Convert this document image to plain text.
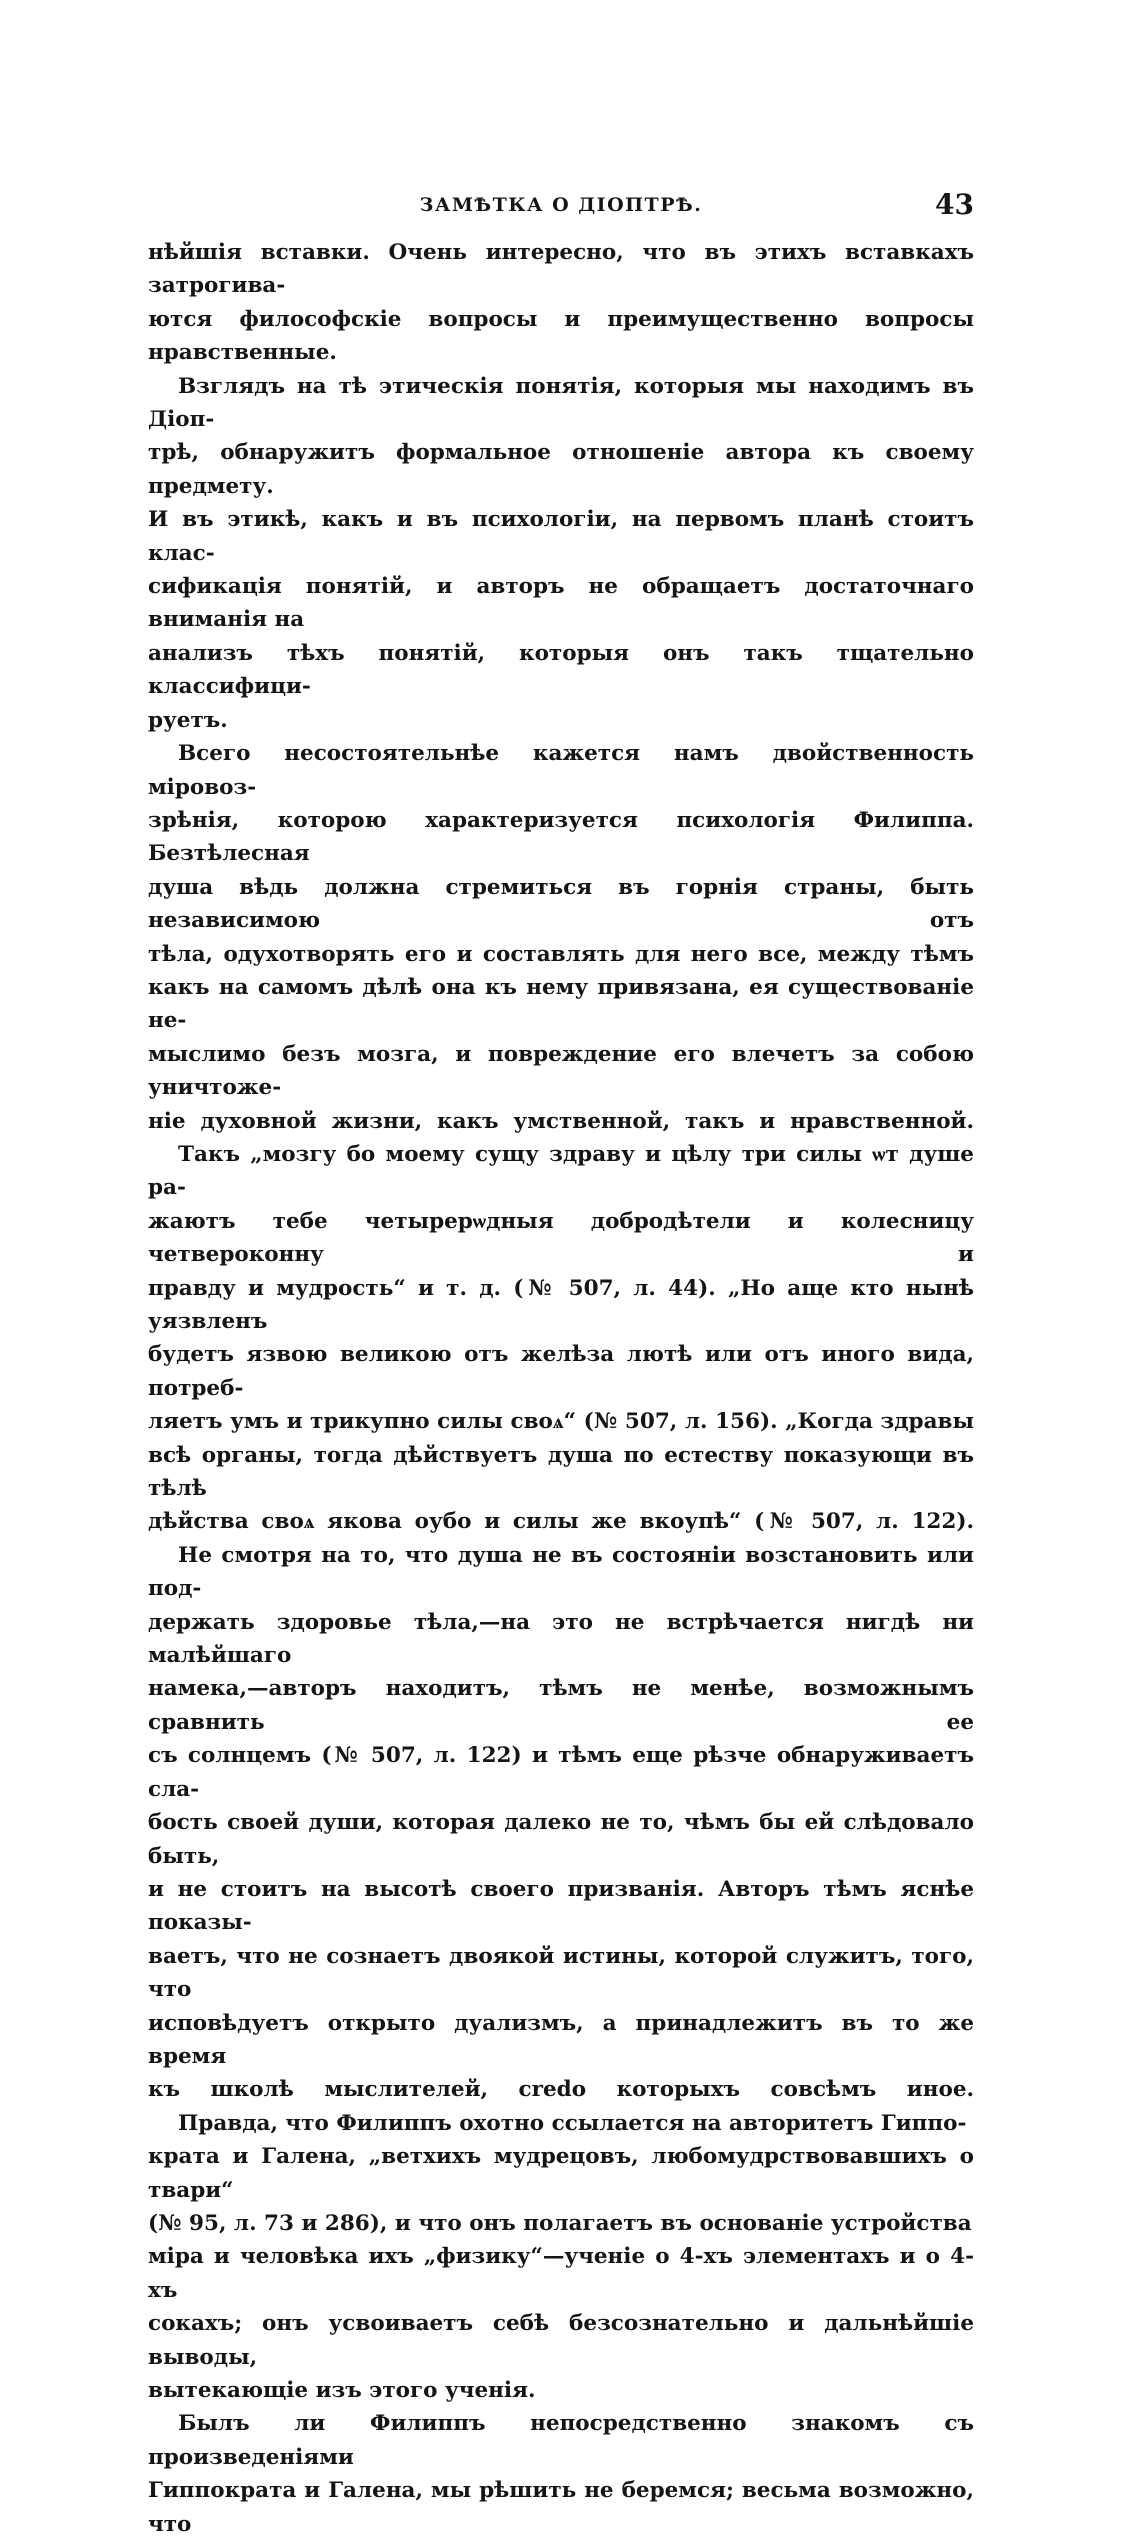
ЗАМѢТКА О ДІОПТРѢ.	43

нѣйшія вставки. Очень интересно, что въ этихъ вставкахъ затрогива-
ются философскіе вопросы и преимущественно вопросы нравственные.

Взглядъ на тѣ этическія понятія, которыя мы находимъ въ Діоп-
трѣ, обнаружитъ формальное отношеніе автора къ своему предмету.
И въ этикѣ, какъ и въ психологіи, на первомъ планѣ стоитъ клас-
сификація понятій, и авторъ не обращаетъ достаточнаго вниманія на
анализъ тѣхъ понятій, которыя онъ такъ тщательно классифици-
руетъ.

Всего несостоятельнѣе кажется намъ двойственность міровоз-
зрѣнія, которою характеризуется психологія Филиппа. Безтѣлесная
душа вѣдь должна стремиться въ горнія страны, быть независимою отъ
тѣла, одухотворять его и составлять для него все, между тѣмъ
какъ на самомъ дѣлѣ она къ нему привязана, ея существованіе не-
мыслимо безъ мозга, и повреждение его влечетъ за собою уничтоже-
ніе духовной жизни, какъ умственной, такъ и нравственной.

Такъ „мозгу бо моему сущу здраву и цѣлу три силы ѡт душе ра-
жаютъ тебе четырерѡдныя добродѣтели и колесницу четвероконну и
правду и мудрость“ и т. д. (№ 507, л. 44). „Но аще кто нынѣ уязвленъ
будетъ язвою великою отъ желѣза лютѣ или отъ иного вида, потреб-
ляетъ умъ и трикупно силы своѧ“ (№ 507, л. 156). „Когда здравы
всѣ органы, тогда дѣйствуетъ душа по естеству показующи въ тѣлѣ
дѣйства своѧ якова оубо и силы же вкоупѣ“ (№ 507, л. 122).

Не смотря на то, что душа не въ состояніи возстановить или под-
держать здоровье тѣла,—на это не встрѣчается нигдѣ ни малѣйшаго
намека,—авторъ находитъ, тѣмъ не менѣе, возможнымъ сравнить ее
съ солнцемъ (№ 507, л. 122) и тѣмъ еще рѣзче обнаруживаетъ сла-
бость своей души, которая далеко не то, чѣмъ бы ей слѣдовало быть,
и не стоитъ на высотѣ своего призванія. Авторъ тѣмъ яснѣе показы-
ваетъ, что не сознаетъ двоякой истины, которой служитъ, того, что
исповѣдуетъ открыто дуализмъ, а принадлежитъ въ то же время
къ школѣ мыслителей, credo которыхъ совсѣмъ иное.

Правда, что Филиппъ охотно ссылается на авторитетъ Гиппо-
крата и Галена, „ветхихъ мудрецовъ, любомудрствовавшихъ о твари“
(№ 95, л. 73 и 286), и что онъ полагаетъ въ основаніе устройства
міра и человѣка ихъ „физику“—ученіе о 4-хъ элементахъ и о 4-хъ
сокахъ; онъ усвоиваетъ себѣ безсознательно и дальнѣйшіе выводы,
вытекающіе изъ этого ученія.

Былъ ли Филиппъ непосредственно знакомъ съ произведеніями
Гиппократа и Галена, мы рѣшить не беремся; весьма возможно, что
